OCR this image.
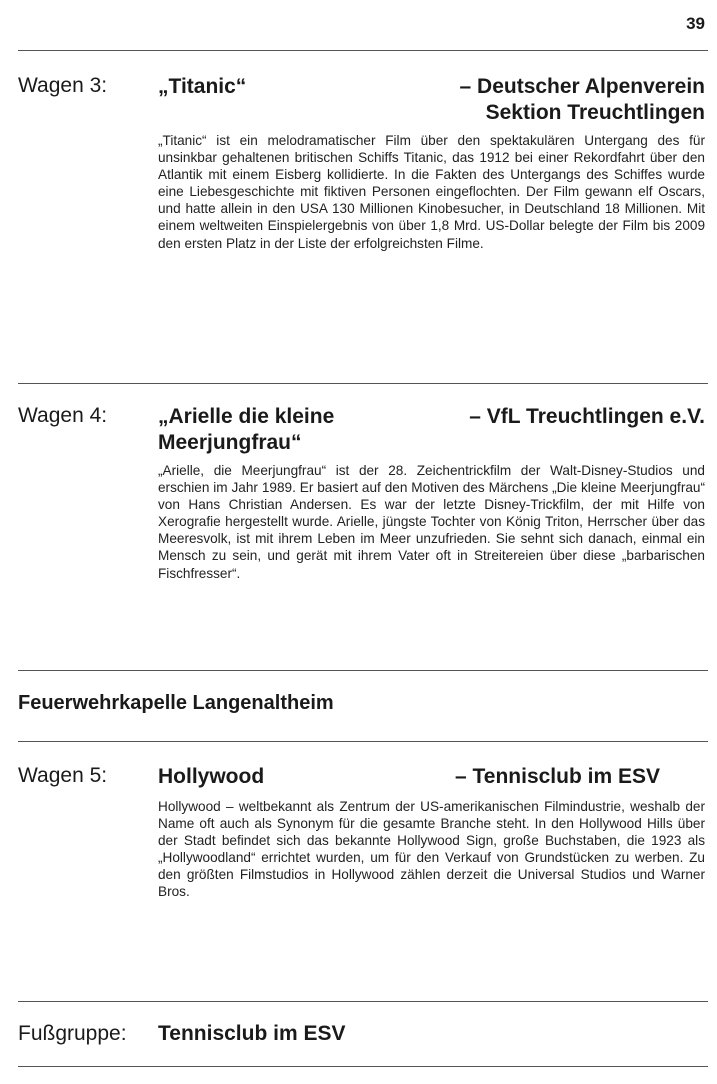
39
Wagen 3: „Titanic“	– Deutscher Alpenverein
Sektion Treuchtlingen
„Titanic“ ist ein melodramatischer Film über den spektakulären Untergang des für unsinkbar gehaltenen britischen Schiffs Titanic, das 1912 bei einer Rekordfahrt über den Atlantik mit einem Eisberg kollidierte. In die Fakten des Untergangs des Schiffes wurde eine Liebesgeschichte mit fiktiven Personen eingeflochten. Der Film gewann elf Oscars, und hatte allein in den USA 130 Millionen Kinobesucher, in Deutschland 18 Millionen. Mit einem weltweiten Einspielergebnis von über 1,8 Mrd. US-Dollar belegte der Film bis 2009 den ersten Platz in der Liste der erfolgreichsten Filme.
Wagen 4: „Arielle die kleine
Meerjungfrau“
– VfL Treuchtlingen e.V.
„Arielle, die Meerjungfrau“ ist der 28. Zeichentrickfilm der Walt-Disney-Studios und erschien im Jahr 1989. Er basiert auf den Motiven des Märchens „Die kleine Meerjungfrau“ von Hans Christian Andersen. Es war der letzte Disney-Trickfilm, der mit Hilfe von Xerografie hergestellt wurde. Arielle, jüngste Tochter von König Triton, Herrscher über das Meeresvolk, ist mit ihrem Leben im Meer unzufrieden. Sie sehnt sich danach, einmal ein Mensch zu sein, und gerät mit ihrem Vater oft in Streitereien über diese „barbarischen Fischfresser“.
Feuerwehrkapelle Langenaltheim
Wagen 5: Hollywood	– Tennisclub im ESV
Hollywood – weltbekannt als Zentrum der US-amerikanischen Filmindustrie, weshalb der Name oft auch als Synonym für die gesamte Branche steht. In den Hollywood Hills über der Stadt befindet sich das bekannte Hollywood Sign, große Buchstaben, die 1923 als „Hollywoodland“ errichtet wurden, um für den Verkauf von Grundstücken zu werben. Zu den größten Filmstudios in Hollywood zählen derzeit die Universal Studios und Warner Bros.
Fußgruppe: Tennisclub im ESV
